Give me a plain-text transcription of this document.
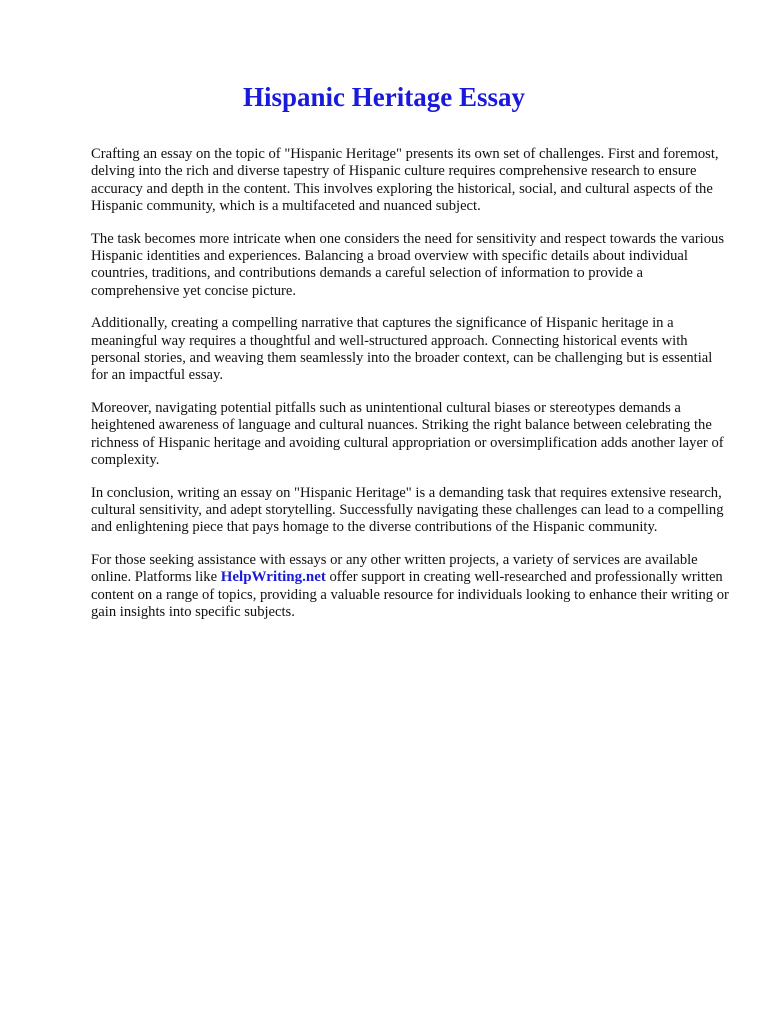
Hispanic Heritage Essay

Crafting an essay on the topic of "Hispanic Heritage" presents its own set of challenges. First and foremost, delving into the rich and diverse tapestry of Hispanic culture requires comprehensive research to ensure accuracy and depth in the content. This involves exploring the historical, social, and cultural aspects of the Hispanic community, which is a multifaceted and nuanced subject.

The task becomes more intricate when one considers the need for sensitivity and respect towards the various Hispanic identities and experiences. Balancing a broad overview with specific details about individual countries, traditions, and contributions demands a careful selection of information to provide a comprehensive yet concise picture.

Additionally, creating a compelling narrative that captures the significance of Hispanic heritage in a meaningful way requires a thoughtful and well-structured approach. Connecting historical events with personal stories, and weaving them seamlessly into the broader context, can be challenging but is essential for an impactful essay.

Moreover, navigating potential pitfalls such as unintentional cultural biases or stereotypes demands a heightened awareness of language and cultural nuances. Striking the right balance between celebrating the richness of Hispanic heritage and avoiding cultural appropriation or oversimplification adds another layer of complexity.

In conclusion, writing an essay on "Hispanic Heritage" is a demanding task that requires extensive research, cultural sensitivity, and adept storytelling. Successfully navigating these challenges can lead to a compelling and enlightening piece that pays homage to the diverse contributions of the Hispanic community.

For those seeking assistance with essays or any other written projects, a variety of services are available online. Platforms like HelpWriting.net offer support in creating well-researched and professionally written content on a range of topics, providing a valuable resource for individuals looking to enhance their writing or gain insights into specific subjects.
